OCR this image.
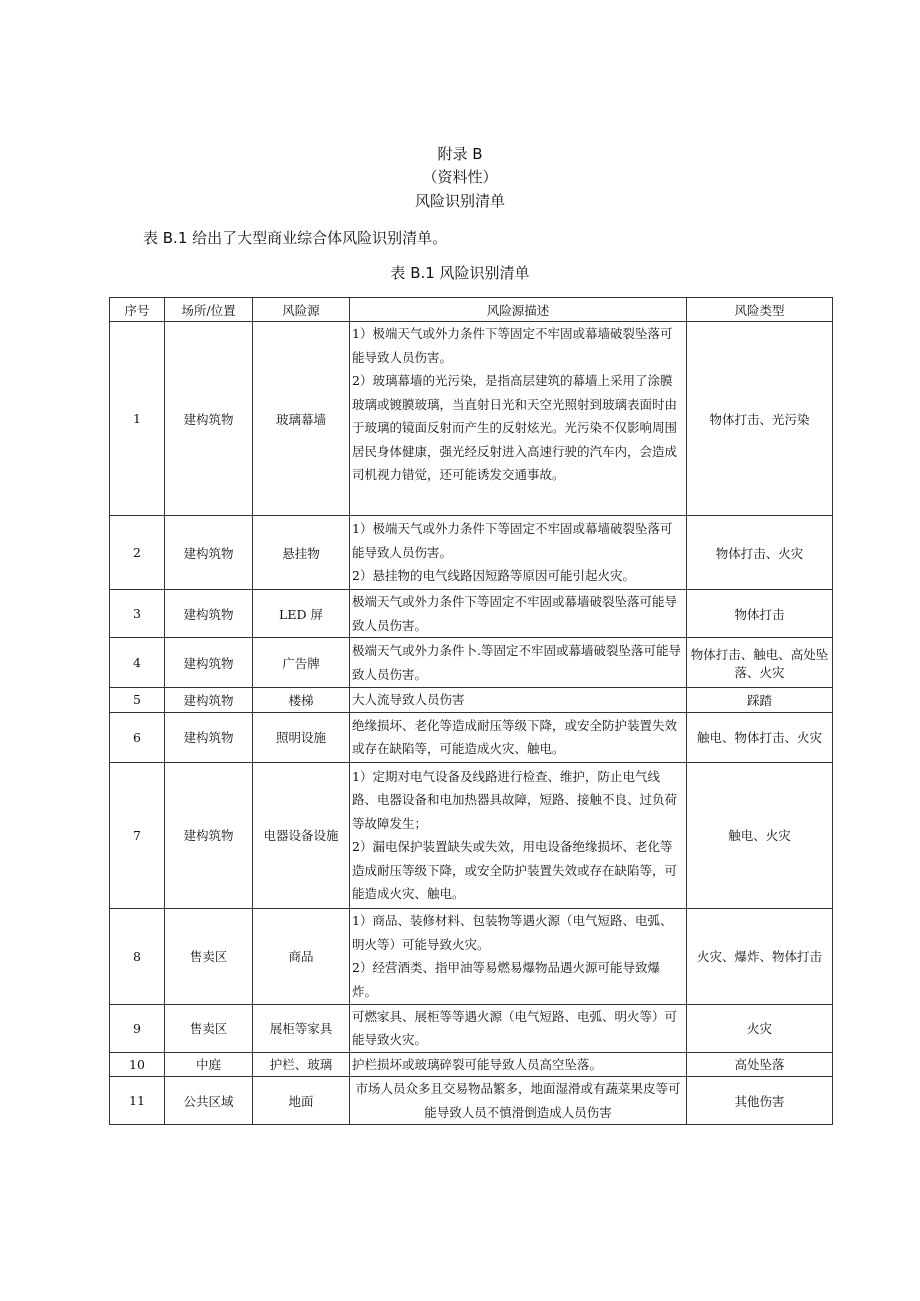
附录 B
（资料性）
风险识别清单
表 B.1 给出了大型商业综合体风险识别清单。
表 B.1 风险识别清单
序号	场所/位置	风险源	风险源描述	风险类型
1	建构筑物	玻璃幕墙	1）极端天气或外力条件下等固定不牢固或幕墙破裂坠落可能导致人员伤害。
2）玻璃幕墙的光污染，是指高层建筑的幕墙上采用了涂膜玻璃或镀膜玻璃，当直射日光和天空光照射到玻璃表面时由于玻璃的镜面反射而产生的反射炫光。光污染不仅影响周围居民身体健康，强光经反射进入高速行驶的汽车内，会造成司机视力错觉，还可能诱发交通事故。	物体打击、光污染
2	建构筑物	悬挂物	1）极端天气或外力条件下等固定不牢固或幕墙破裂坠落可能导致人员伤害。
2）悬挂物的电气线路因短路等原因可能引起火灾。	物体打击、火灾
3	建构筑物	LED 屏	极端天气或外力条件下等固定不牢固或幕墙破裂坠落可能导致人员伤害。	物体打击
4	建构筑物	广告牌	极端天气或外力条件卜.等固定不牢固或幕墙破裂坠落可能导致人员伤害。	物体打击、触电、高处坠落、火灾
5	建构筑物	楼梯	大人流导致人员伤害	踩踏
6	建构筑物	照明设施	绝缘损坏、老化等造成耐压等级下降，或安全防护装置失效或存在缺陷等，可能造成火灾、触电。	触电、物体打击、火灾
7	建构筑物	电器设备设施	1）定期对电气设备及线路进行检查、维护，防止电气线路、电器设备和电加热器具故障，短路、接触不良、过负荷等故障发生；
2）漏电保护装置缺失或失效，用电设备绝缘损坏、老化等造成耐压等级下降，或安全防护装置失效或存在缺陷等，可能造成火灾、触电。	触电、火灾
8	售卖区	商品	1）商品、装修材料、包装物等遇火源（电气短路、电弧、明火等）可能导致火灾。
2）经营酒类、指甲油等易燃易爆物品遇火源可能导致爆炸。	火灾、爆炸、物体打击
9	售卖区	展柜等家具	可燃家具、展柜等等遇火源（电气短路、电弧、明火等）可能导致火灾。	火灾
10	中庭	护栏、玻璃	护栏损坏或玻璃碎裂可能导致人员高空坠落。	高处坠落
11	公共区域	地面	市场人员众多且交易物品繁多，地面湿滑或有蔬菜果皮等可能导致人员不慎滑倒造成人员伤害	其他伤害
